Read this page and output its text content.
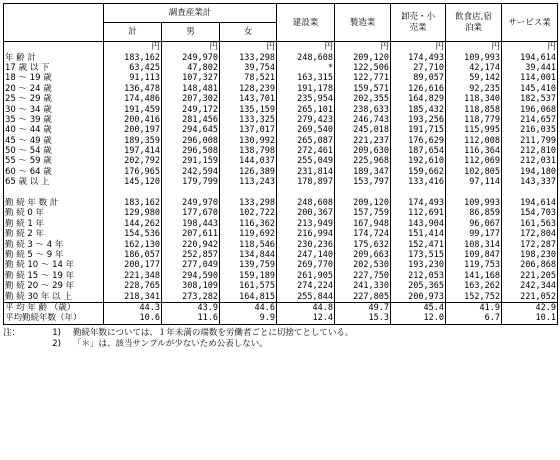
	調査産業計			建設業	製造業	卸売・小売業	飲食店,宿泊業	サービス業
	計	男	女					
	円	円	円	円	円	円	円	円
年 齢 計	183,162	249,970	133,298	248,608	209,120	174,493	109,993	194,614
17 歳 以 下	63,425	47,802	39,754	*	122,506	27,710	42,174	39,441
18 〜 19 歳	91,113	107,327	78,521	163,315	122,771	89,057	59,142	114,001
20 〜 24 歳	136,478	148,481	128,239	191,178	159,571	126,616	92,235	145,410
25 〜 29 歳	174,486	207,302	143,701	235,954	202,355	164,829	118,340	182,537
30 〜 34 歳	191,459	249,172	135,159	265,101	238,633	185,432	118,858	196,068
35 〜 39 歳	200,416	281,456	133,325	279,423	246,743	193,256	118,779	214,657
40 〜 44 歳	200,197	294,645	137,017	269,540	245,018	191,715	115,995	216,035
45 〜 49 歳	189,359	296,008	130,992	265,087	221,237	176,629	112,008	211,799
50 〜 54 歳	197,414	296,508	138,798	272,461	209,630	187,654	116,364	212,810
55 〜 59 歳	202,792	291,159	144,037	255,049	225,968	192,610	112,069	212,031
60 〜 64 歳	176,965	242,594	126,389	231,814	189,347	159,662	102,805	194,180
65 歳 以 上	145,120	179,799	113,243	178,897	153,797	133,416	97,114	143,337

勤 続 年 数 計	183,162	249,970	133,298	248,608	209,120	174,493	109,993	194,614
勤 続 0 年	129,980	177,670	102,722	200,367	157,759	112,691	86,859	154,703
勤 続 1 年	144,262	198,443	116,362	213,949	167,948	143,904	96,067	161,563
勤 続 2 年	154,536	207,611	119,692	216,994	174,724	151,414	99,177	172,804
勤 続 3 〜 4 年	162,130	220,942	118,546	230,236	175,632	152,471	108,314	172,287
勤 続 5 〜 9 年	186,057	252,857	134,844	247,140	209,663	173,515	109,847	198,230
勤 続 10 〜 14 年	200,177	277,049	139,759	269,770	202,530	193,230	119,753	206,868
勤 続 15 〜 19 年	221,348	294,590	159,189	261,905	227,750	212,053	141,168	221,205
勤 続 20 〜 29 年	228,765	308,109	161,575	274,224	241,330	205,365	163,262	242,344
勤 続 30 年 以 上	218,341	273,282	164,815	255,844	227,805	200,973	152,752	221,052
平 均 年 齢 （歳）	44.3	43.9	44.6	44.8	49.7	45.4	41.9	42.9
平均勤続年数（年）	10.6	11.6	9.9	12.4	15.3	12.0	6.7	10.1
注：	1)	勤続年数については、１年未満の端数を労働者ごとに切捨てとしている。
2)	「＊」は、該当サンプルが少ないため公表しない。
